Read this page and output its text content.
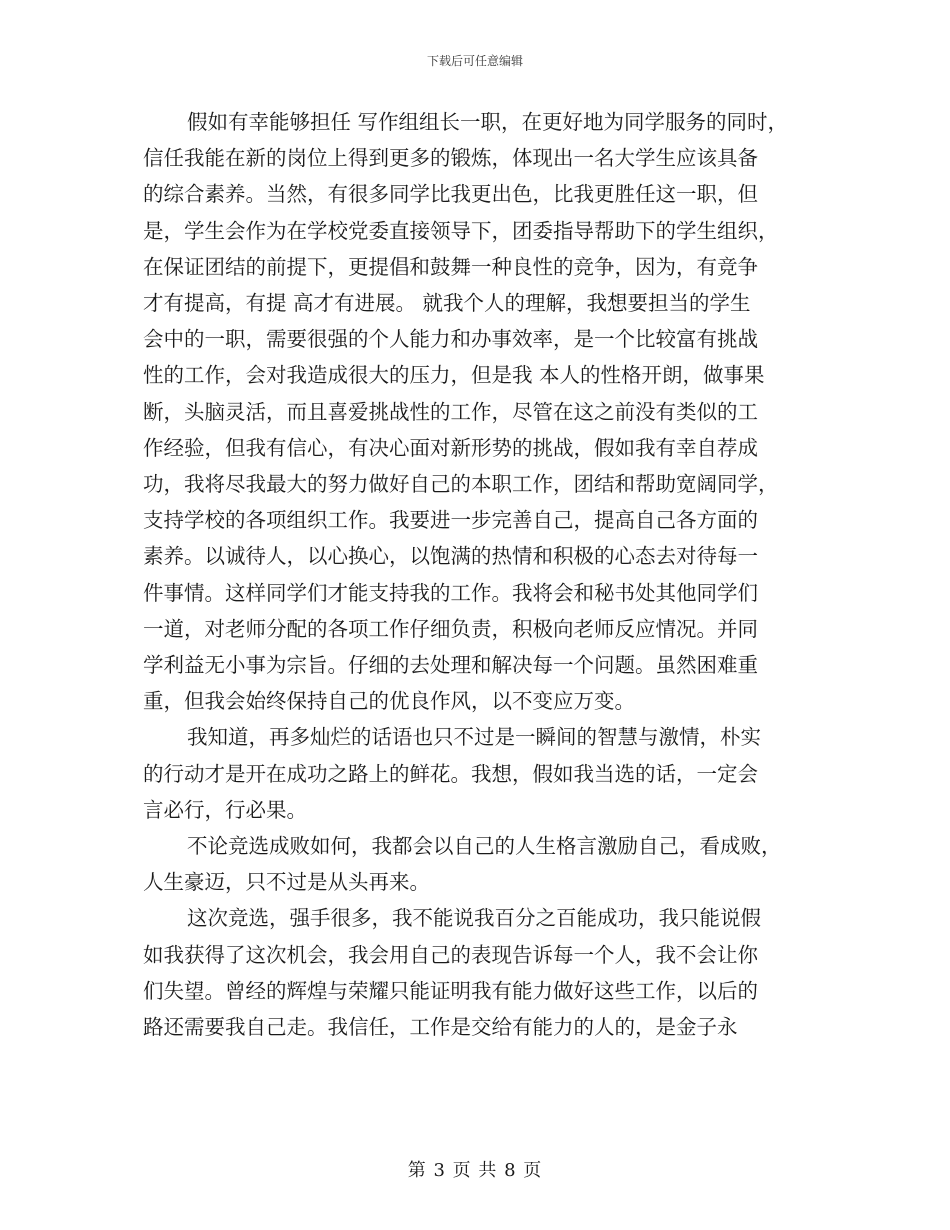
下载后可任意编辑
假如有幸能够担任 写作组组长一职，在更好地为同学服务的同时，
信任我能在新的岗位上得到更多的锻炼，体现出一名大学生应该具备
的综合素养。当然，有很多同学比我更出色，比我更胜任这一职，但
是，学生会作为在学校党委直接领导下，团委指导帮助下的学生组织，
在保证团结的前提下，更提倡和鼓舞一种良性的竞争，因为，有竞争
才有提高，有提 高才有进展。 就我个人的理解，我想要担当的学生
会中的一职，需要很强的个人能力和办事效率，是一个比较富有挑战
性的工作，会对我造成很大的压力，但是我 本人的性格开朗，做事果
断，头脑灵活，而且喜爱挑战性的工作，尽管在这之前没有类似的工
作经验，但我有信心，有决心面对新形势的挑战，假如我有幸自荐成
功，我将尽我最大的努力做好自己的本职工作，团结和帮助宽阔同学，
支持学校的各项组织工作。我要进一步完善自己，提高自己各方面的
素养。以诚待人，以心换心，以饱满的热情和积极的心态去对待每一
件事情。这样同学们才能支持我的工作。我将会和秘书处其他同学们
一道，对老师分配的各项工作仔细负责，积极向老师反应情况。并同
学利益无小事为宗旨。仔细的去处理和解决每一个问题。虽然困难重
重，但我会始终保持自己的优良作风，以不变应万变。
我知道，再多灿烂的话语也只不过是一瞬间的智慧与激情，朴实
的行动才是开在成功之路上的鲜花。我想，假如我当选的话，一定会
言必行，行必果。
不论竞选成败如何，我都会以自己的人生格言激励自己，看成败，
人生豪迈，只不过是从头再来。
这次竞选，强手很多，我不能说我百分之百能成功，我只能说假
如我获得了这次机会，我会用自己的表现告诉每一个人，我不会让你
们失望。曾经的辉煌与荣耀只能证明我有能力做好这些工作，以后的
路还需要我自己走。我信任，工作是交给有能力的人的，是金子永
第 3 页 共 8 页
